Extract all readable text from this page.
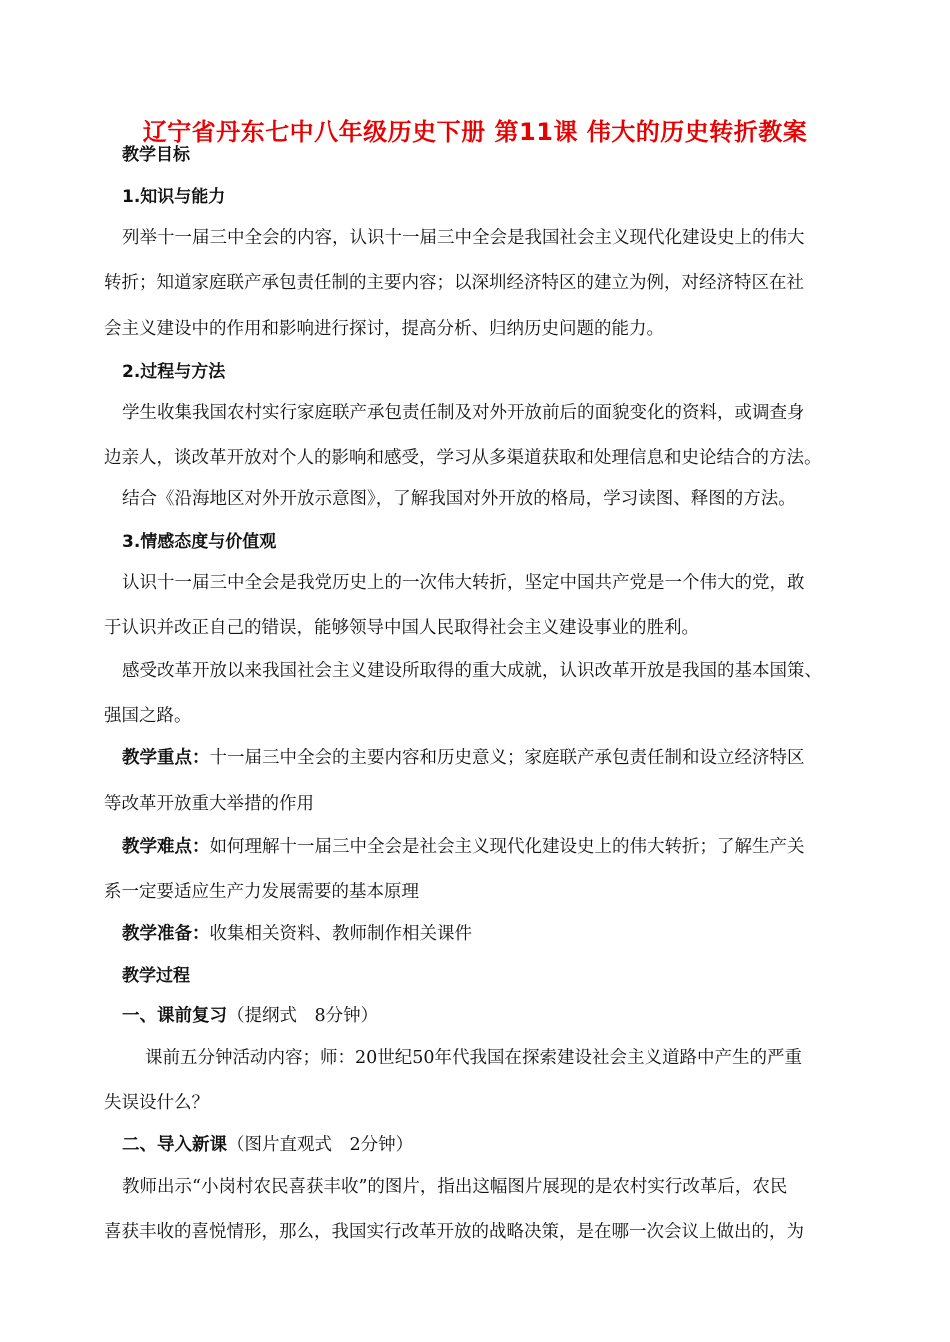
辽宁省丹东七中八年级历史下册 第11课 伟大的历史转折教案
教学目标
1.知识与能力
列举十一届三中全会的内容，认识十一届三中全会是我国社会主义现代化建设史上的伟大
转折；知道家庭联产承包责任制的主要内容；以深圳经济特区的建立为例，对经济特区在社
会主义建设中的作用和影响进行探讨，提高分析、归纳历史问题的能力。
2.过程与方法
学生收集我国农村实行家庭联产承包责任制及对外开放前后的面貌变化的资料，或调查身
边亲人，谈改革开放对个人的影响和感受，学习从多渠道获取和处理信息和史论结合的方法。
结合《沿海地区对外开放示意图》，了解我国对外开放的格局，学习读图、释图的方法。
3.情感态度与价值观
认识十一届三中全会是我党历史上的一次伟大转折，坚定中国共产党是一个伟大的党，敢
于认识并改正自己的错误，能够领导中国人民取得社会主义建设事业的胜利。
感受改革开放以来我国社会主义建设所取得的重大成就，认识改革开放是我国的基本国策、
强国之路。
教学重点：十一届三中全会的主要内容和历史意义；家庭联产承包责任制和设立经济特区
等改革开放重大举措的作用
教学难点：如何理解十一届三中全会是社会主义现代化建设史上的伟大转折；了解生产关
系一定要适应生产力发展需要的基本原理
教学准备：收集相关资料、教师制作相关课件
教学过程
一、课前复习（提纲式　8分钟）
课前五分钟活动内容；师：20世纪50年代我国在探索建设社会主义道路中产生的严重
失误设什么？
二、导入新课（图片直观式　2分钟）
教师出示“小岗村农民喜获丰收”的图片，指出这幅图片展现的是农村实行改革后，农民
喜获丰收的喜悦情形，那么，我国实行改革开放的战略决策，是在哪一次会议上做出的，为
